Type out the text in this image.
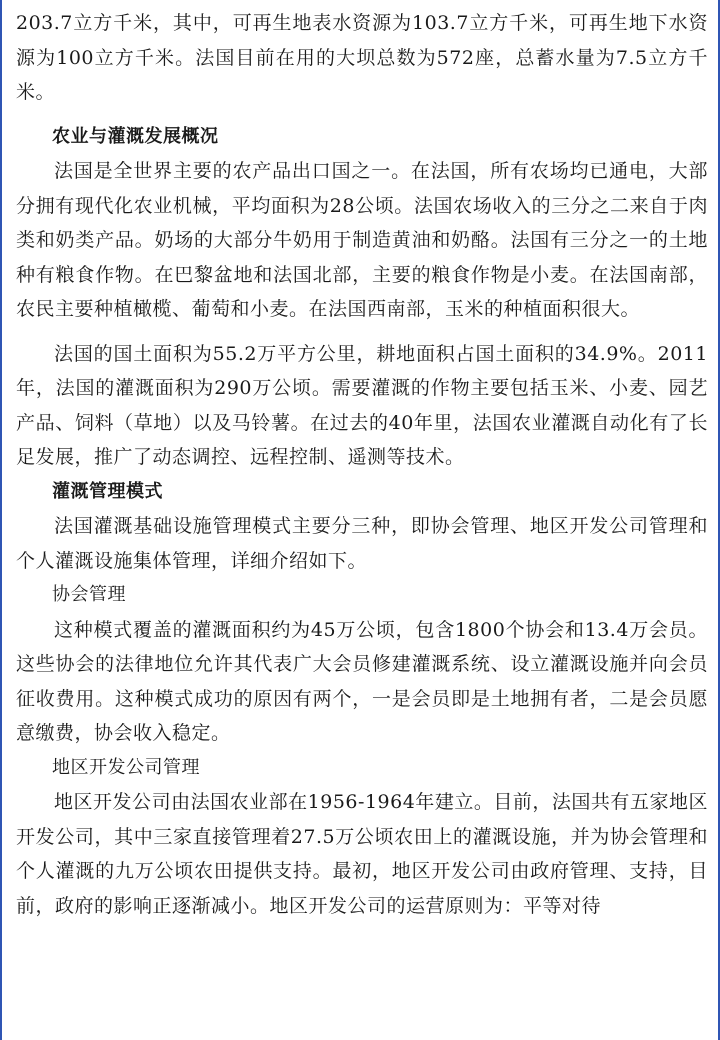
203.7立方千米，其中，可再生地表水资源为103.7立方千米，可再生地下水资源为100立方千米。法国目前在用的大坝总数为572座，总蓄水量为7.5立方千米。

农业与灌溉发展概况

法国是全世界主要的农产品出口国之一。在法国，所有农场均已通电，大部分拥有现代化农业机械，平均面积为28公顷。法国农场收入的三分之二来自于肉类和奶类产品。奶场的大部分牛奶用于制造黄油和奶酪。法国有三分之一的土地种有粮食作物。在巴黎盆地和法国北部，主要的粮食作物是小麦。在法国南部，农民主要种植橄榄、葡萄和小麦。在法国西南部，玉米的种植面积很大。

法国的国土面积为55.2万平方公里，耕地面积占国土面积的34.9%。2011年，法国的灌溉面积为290万公顷。需要灌溉的作物主要包括玉米、小麦、园艺产品、饲料（草地）以及马铃薯。在过去的40年里，法国农业灌溉自动化有了长足发展，推广了动态调控、远程控制、遥测等技术。

灌溉管理模式

法国灌溉基础设施管理模式主要分三种，即协会管理、地区开发公司管理和个人灌溉设施集体管理，详细介绍如下。

协会管理

这种模式覆盖的灌溉面积约为45万公顷，包含1800个协会和13.4万会员。这些协会的法律地位允许其代表广大会员修建灌溉系统、设立灌溉设施并向会员征收费用。这种模式成功的原因有两个，一是会员即是土地拥有者，二是会员愿意缴费，协会收入稳定。

地区开发公司管理

地区开发公司由法国农业部在1956-1964年建立。目前，法国共有五家地区开发公司，其中三家直接管理着27.5万公顷农田上的灌溉设施，并为协会管理和个人灌溉的九万公顷农田提供支持。最初，地区开发公司由政府管理、支持，目前，政府的影响正逐渐减小。地区开发公司的运营原则为：平等对待
